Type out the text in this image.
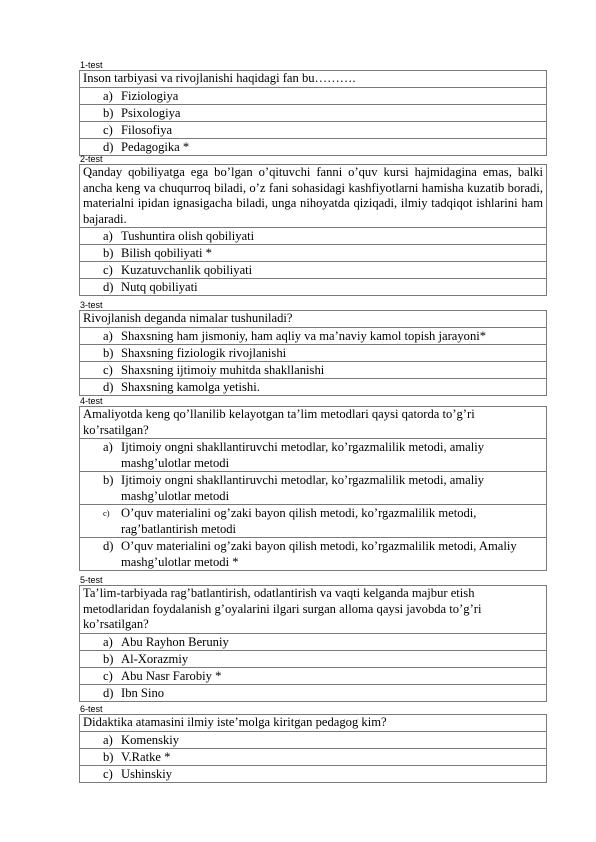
1-test
Inson tarbiyasi va rivojlanishi haqidagi fan bu……….

a) Fiziologiya

b) Psixologiya

c) Filosofiya

d) Pedagogika *
2-test
Qanday qobiliyatga ega bo’lgan o’qituvchi fanni o’quv kursi hajmidagina emas, balki ancha keng va chuqurroq biladi, o’z fani sohasidagi kashfiyotlarni hamisha kuzatib boradi, materialni ipidan ignasigacha biladi, unga nihoyatda qiziqadi, ilmiy tadqiqot ishlarini ham bajaradi.

a) Tushuntira olish qobiliyati

b) Bilish qobiliyati *

c) Kuzatuvchanlik qobiliyati

d) Nutq qobiliyati
3-test
Rivojlanish deganda nimalar tushuniladi?

a) Shaxsning ham jismoniy, ham aqliy va ma’naviy kamol topish jarayoni*

b) Shaxsning fiziologik rivojlanishi

c) Shaxsning ijtimoiy muhitda shakllanishi

d) Shaxsning kamolga yetishi.
4-test
Amaliyotda keng qo’llanilib kelayotgan ta’lim metodlari qaysi qatorda to’g’ri ko’rsatilgan?

a) Ijtimoiy ongni shakllantiruvchi metodlar, ko’rgazmalilik metodi, amaliy mashg’ulotlar metodi

b) Ijtimoiy ongni shakllantiruvchi metodlar, ko’rgazmalilik metodi, amaliy mashg’ulotlar metodi

c) O’quv materialini og’zaki bayon qilish metodi, ko’rgazmalilik metodi, rag’batlantirish metodi

d) O’quv materialini og’zaki bayon qilish metodi, ko’rgazmalilik metodi, Amaliy mashg’ulotlar metodi *
5-test
Ta’lim-tarbiyada rag’batlantirish, odatlantirish va vaqti kelganda majbur etish metodlaridan foydalanish g’oyalarini ilgari surgan alloma qaysi javobda to’g’ri ko’rsatilgan?

a) Abu Rayhon Beruniy

b) Al-Xorazmiy

c) Abu Nasr Farobiy *

d) Ibn Sino
6-test
Didaktika atamasini ilmiy iste’molga kiritgan pedagog kim?

a) Komenskiy

b) V.Ratke *

c) Ushinskiy
